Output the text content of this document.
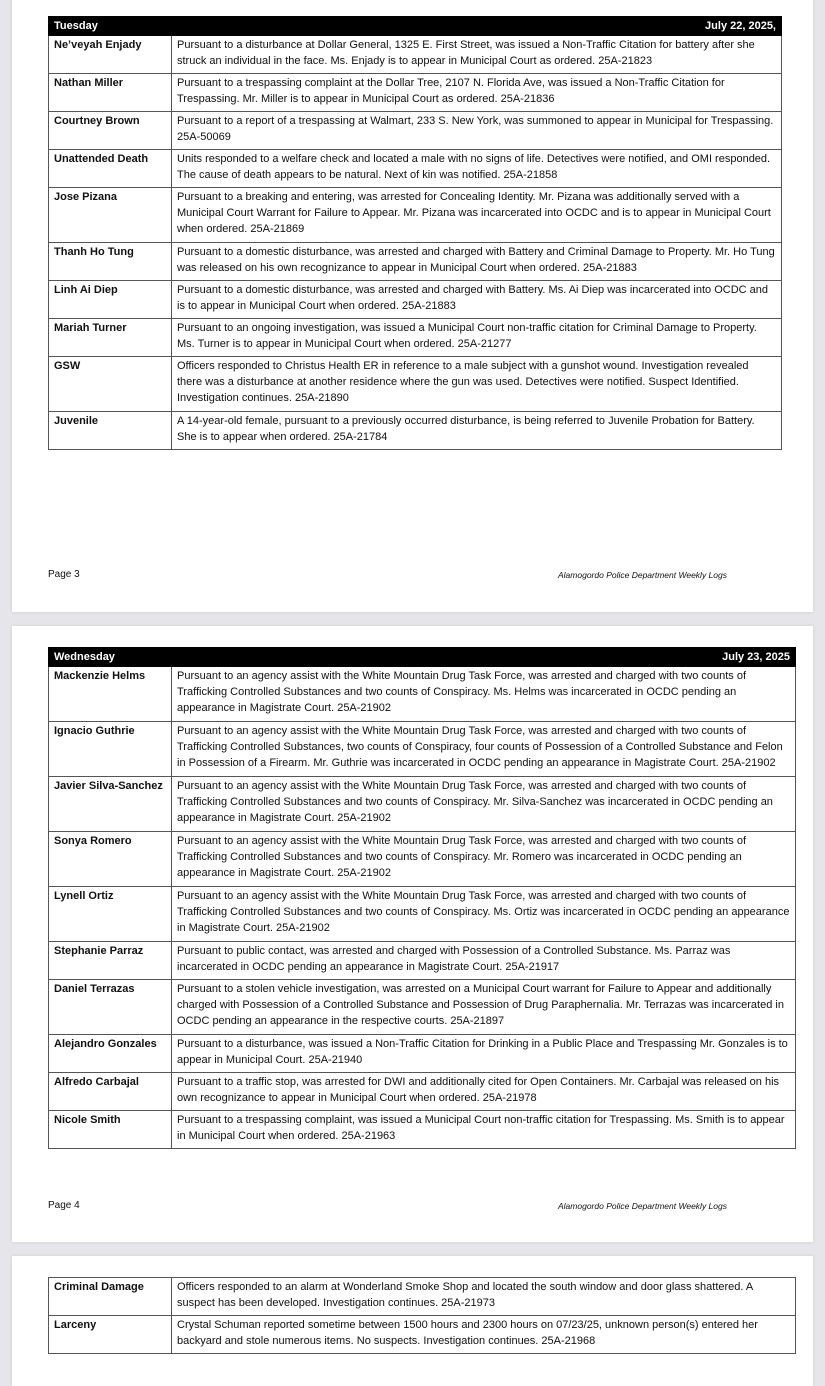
Tuesday	July 22, 2025,
Ne’veyah Enjady	Pursuant to a disturbance at Dollar General, 1325 E. First Street, was issued a Non-Traffic Citation for battery after she struck an individual in the face. Ms. Enjady is to appear in Municipal Court as ordered. 25A-21823
Nathan Miller	Pursuant to a trespassing complaint at the Dollar Tree, 2107 N. Florida Ave, was issued a Non-Traffic Citation for Trespassing. Mr. Miller is to appear in Municipal Court as ordered. 25A-21836
Courtney Brown	Pursuant to a report of a trespassing at Walmart, 233 S. New York, was summoned to appear in Municipal for Trespassing. 25A-50069
Unattended Death	Units responded to a welfare check and located a male with no signs of life. Detectives were notified, and OMI responded. The cause of death appears to be natural. Next of kin was notified. 25A-21858
Jose Pizana	Pursuant to a breaking and entering, was arrested for Concealing Identity. Mr. Pizana was additionally served with a Municipal Court Warrant for Failure to Appear. Mr. Pizana was incarcerated into OCDC and is to appear in Municipal Court when ordered. 25A-21869
Thanh Ho Tung	Pursuant to a domestic disturbance, was arrested and charged with Battery and Criminal Damage to Property. Mr. Ho Tung was released on his own recognizance to appear in Municipal Court when ordered. 25A-21883
Linh Ai Diep	Pursuant to a domestic disturbance, was arrested and charged with Battery. Ms. Ai Diep was incarcerated into OCDC and is to appear in Municipal Court when ordered. 25A-21883
Mariah Turner	Pursuant to an ongoing investigation, was issued a Municipal Court non-traffic citation for Criminal Damage to Property. Ms. Turner is to appear in Municipal Court when ordered. 25A-21277
GSW	Officers responded to Christus Health ER in reference to a male subject with a gunshot wound. Investigation revealed there was a disturbance at another residence where the gun was used. Detectives were notified. Suspect Identified. Investigation continues. 25A-21890
Juvenile	A 14-year-old female, pursuant to a previously occurred disturbance, is being referred to Juvenile Probation for Battery. She is to appear when ordered. 25A-21784
Page 3	Alamogordo Police Department Weekly Logs
Wednesday	July 23, 2025
Mackenzie Helms	Pursuant to an agency assist with the White Mountain Drug Task Force, was arrested and charged with two counts of Trafficking Controlled Substances and two counts of Conspiracy. Ms. Helms was incarcerated in OCDC pending an appearance in Magistrate Court. 25A-21902
Ignacio Guthrie	Pursuant to an agency assist with the White Mountain Drug Task Force, was arrested and charged with two counts of Trafficking Controlled Substances, two counts of Conspiracy, four counts of Possession of a Controlled Substance and Felon in Possession of a Firearm. Mr. Guthrie was incarcerated in OCDC pending an appearance in Magistrate Court. 25A-21902
Javier Silva-Sanchez	Pursuant to an agency assist with the White Mountain Drug Task Force, was arrested and charged with two counts of Trafficking Controlled Substances and two counts of Conspiracy. Mr. Silva-Sanchez was incarcerated in OCDC pending an appearance in Magistrate Court. 25A-21902
Sonya Romero	Pursuant to an agency assist with the White Mountain Drug Task Force, was arrested and charged with two counts of Trafficking Controlled Substances and two counts of Conspiracy. Mr. Romero was incarcerated in OCDC pending an appearance in Magistrate Court. 25A-21902
Lynell Ortiz	Pursuant to an agency assist with the White Mountain Drug Task Force, was arrested and charged with two counts of Trafficking Controlled Substances and two counts of Conspiracy. Ms. Ortiz was incarcerated in OCDC pending an appearance in Magistrate Court. 25A-21902
Stephanie Parraz	Pursuant to public contact, was arrested and charged with Possession of a Controlled Substance. Ms. Parraz was incarcerated in OCDC pending an appearance in Magistrate Court. 25A-21917
Daniel Terrazas	Pursuant to a stolen vehicle investigation, was arrested on a Municipal Court warrant for Failure to Appear and additionally charged with Possession of a Controlled Substance and Possession of Drug Paraphernalia. Mr. Terrazas was incarcerated in OCDC pending an appearance in the respective courts. 25A-21897
Alejandro Gonzales	Pursuant to a disturbance, was issued a Non-Traffic Citation for Drinking in a Public Place and Trespassing Mr. Gonzales is to appear in Municipal Court. 25A-21940
Alfredo Carbajal	Pursuant to a traffic stop, was arrested for DWI and additionally cited for Open Containers. Mr. Carbajal was released on his own recognizance to appear in Municipal Court when ordered. 25A-21978
Nicole Smith	Pursuant to a trespassing complaint, was issued a Municipal Court non-traffic citation for Trespassing. Ms. Smith is to appear in Municipal Court when ordered. 25A-21963
Page 4	Alamogordo Police Department Weekly Logs
Criminal Damage	Officers responded to an alarm at Wonderland Smoke Shop and located the south window and door glass shattered. A suspect has been developed. Investigation continues. 25A-21973
Larceny	Crystal Schuman reported sometime between 1500 hours and 2300 hours on 07/23/25, unknown person(s) entered her backyard and stole numerous items. No suspects. Investigation continues. 25A-21968
